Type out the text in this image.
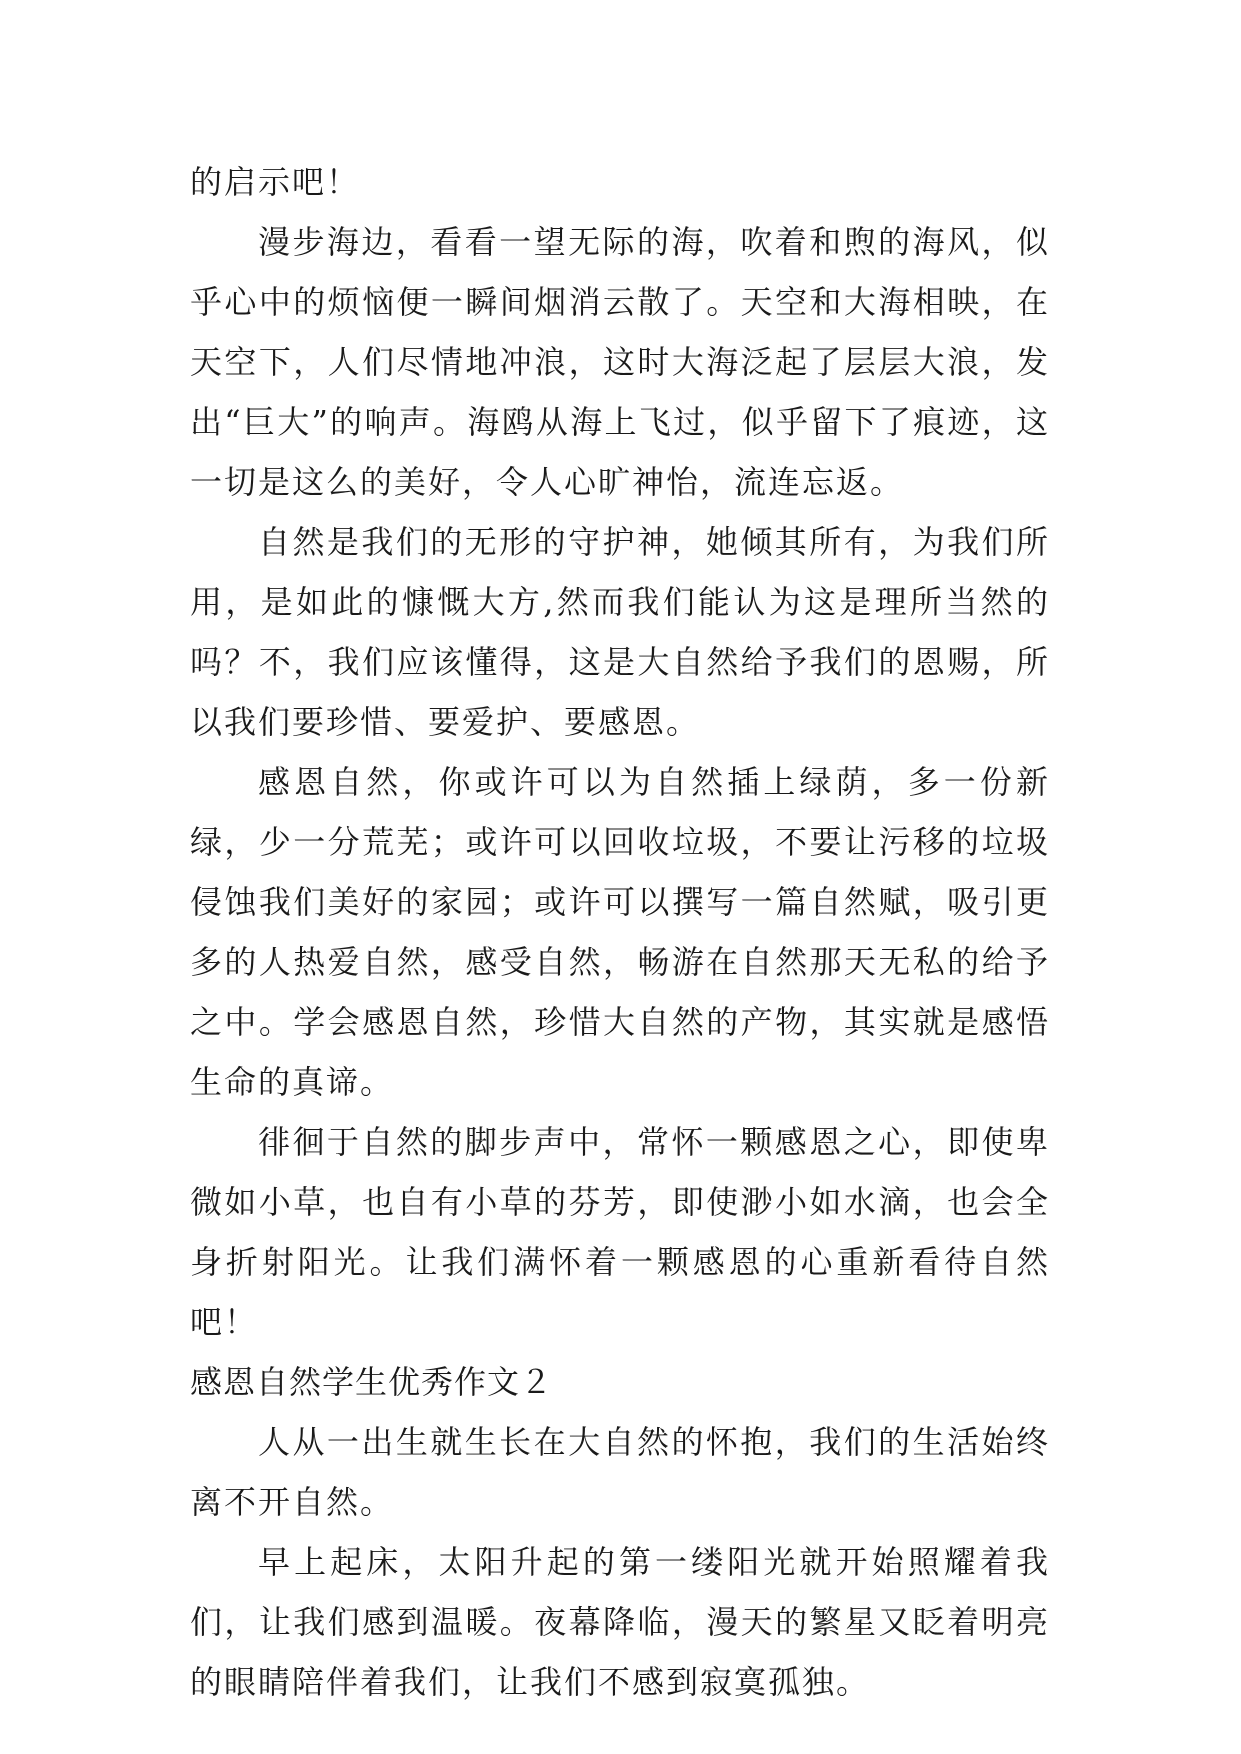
的启示吧！

漫步海边，看看一望无际的海，吹着和煦的海风，似乎心中的烦恼便一瞬间烟消云散了。天空和大海相映，在天空下，人们尽情地冲浪，这时大海泛起了层层大浪，发出“巨大”的响声。海鸥从海上飞过，似乎留下了痕迹，这一切是这么的美好，令人心旷神怡，流连忘返。

自然是我们的无形的守护神，她倾其所有，为我们所用，是如此的慷慨大方,然而我们能认为这是理所当然的吗？不，我们应该懂得，这是大自然给予我们的恩赐，所以我们要珍惜、要爱护、要感恩。

感恩自然，你或许可以为自然插上绿荫，多一份新绿，少一分荒芜；或许可以回收垃圾，不要让污移的垃圾侵蚀我们美好的家园；或许可以撰写一篇自然赋，吸引更多的人热爱自然，感受自然，畅游在自然那天无私的给予之中。学会感恩自然，珍惜大自然的产物，其实就是感悟生命的真谛。

徘徊于自然的脚步声中，常怀一颗感恩之心，即使卑微如小草，也自有小草的芬芳，即使渺小如水滴，也会全身折射阳光。让我们满怀着一颗感恩的心重新看待自然吧！

感恩自然学生优秀作文２

人从一出生就生长在大自然的怀抱，我们的生活始终离不开自然。

早上起床，太阳升起的第一缕阳光就开始照耀着我们，让我们感到温暖。夜幕降临，漫天的繁星又眨着明亮的眼睛陪伴着我们，让我们不感到寂寞孤独。
